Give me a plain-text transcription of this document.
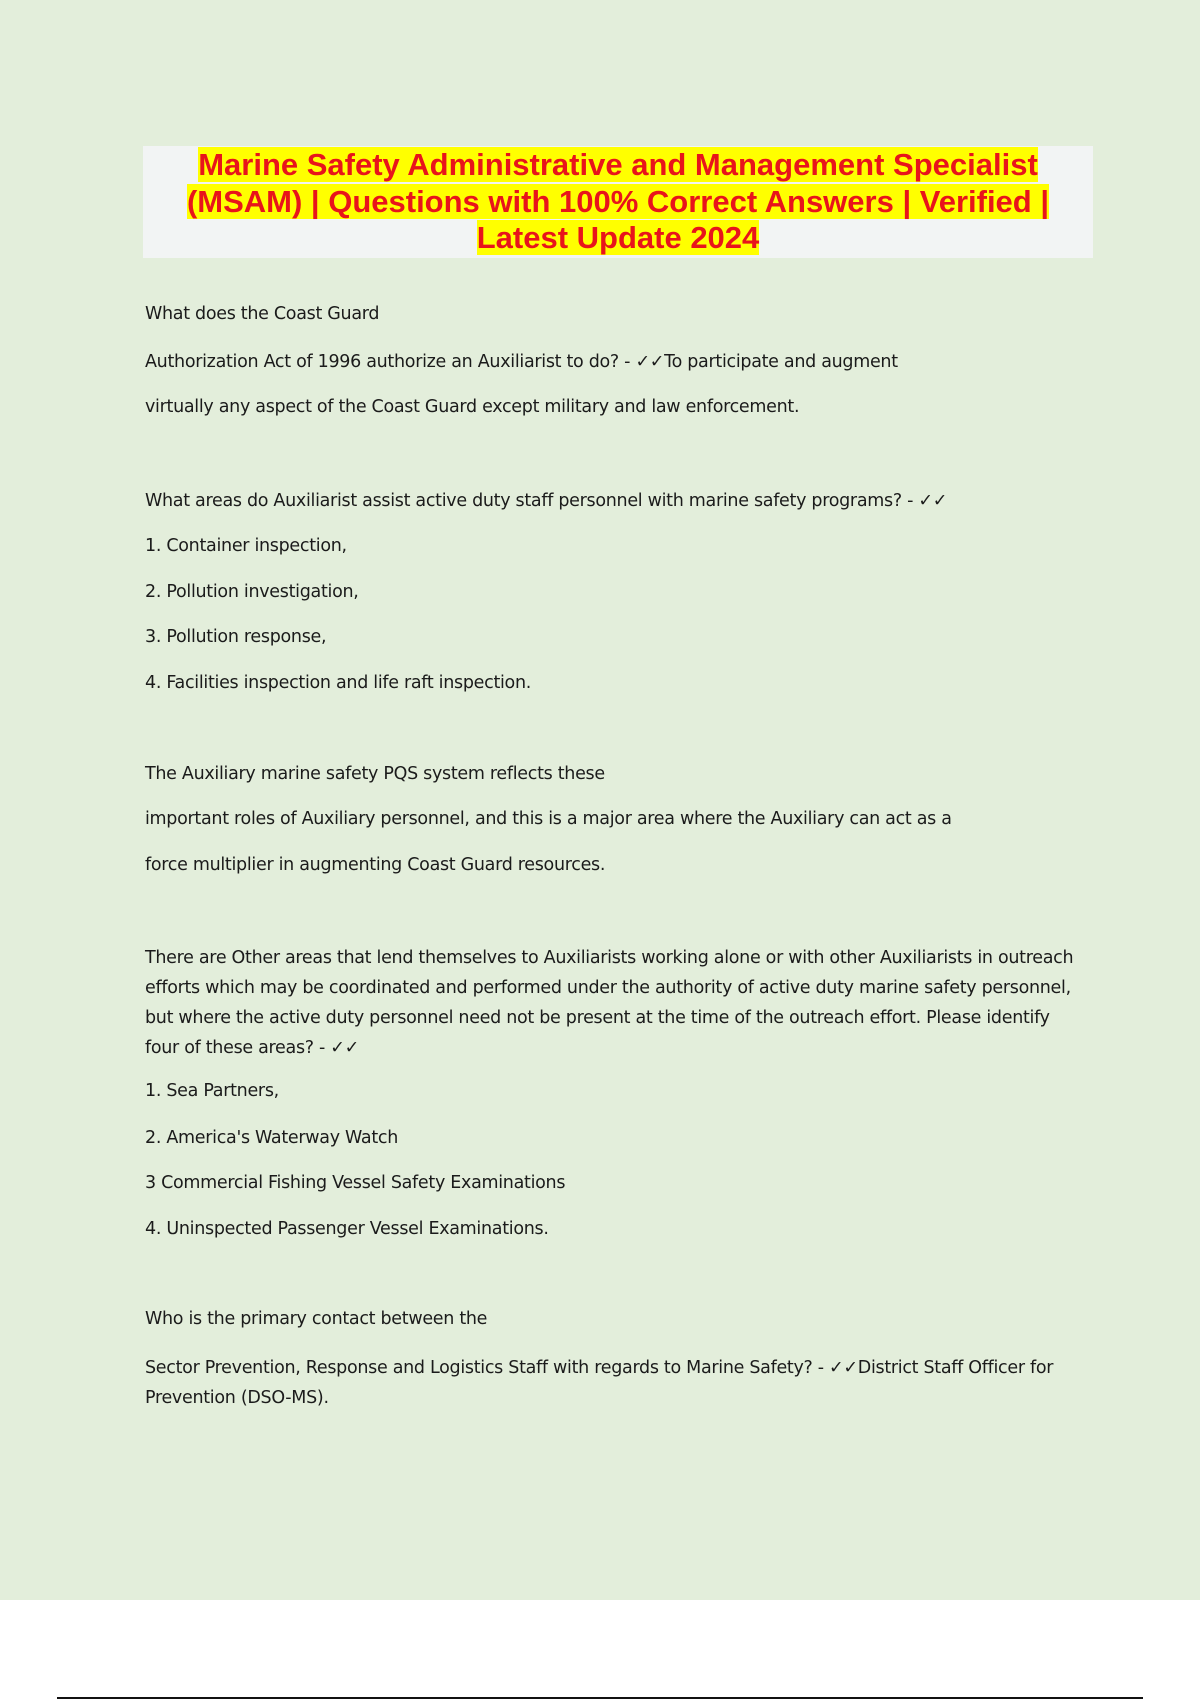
Marine Safety Administrative and Management Specialist
(MSAM) | Questions with 100% Correct Answers | Verified |
Latest Update 2024
What does the Coast Guard
Authorization Act of 1996 authorize an Auxiliarist to do? - ✓✓To participate and augment
virtually any aspect of the Coast Guard except military and law enforcement.
What areas do Auxiliarist assist active duty staff personnel with marine safety programs? - ✓✓
1. Container inspection,
2. Pollution investigation,
3. Pollution response,
4. Facilities inspection and life raft inspection.
The Auxiliary marine safety PQS system reflects these
important roles of Auxiliary personnel, and this is a major area where the Auxiliary can act as a
force multiplier in augmenting Coast Guard resources.
There are Other areas that lend themselves to Auxiliarists working alone or with other Auxiliarists in outreach efforts which may be coordinated and performed under the authority of active duty marine safety personnel, but where the active duty personnel need not be present at the time of the outreach effort. Please identify four of these areas? - ✓✓
1. Sea Partners,
2. America's Waterway Watch
3 Commercial Fishing Vessel Safety Examinations
4. Uninspected Passenger Vessel Examinations.
Who is the primary contact between the
Sector Prevention, Response and Logistics Staff with regards to Marine Safety? - ✓✓District Staff Officer for Prevention (DSO-MS).
